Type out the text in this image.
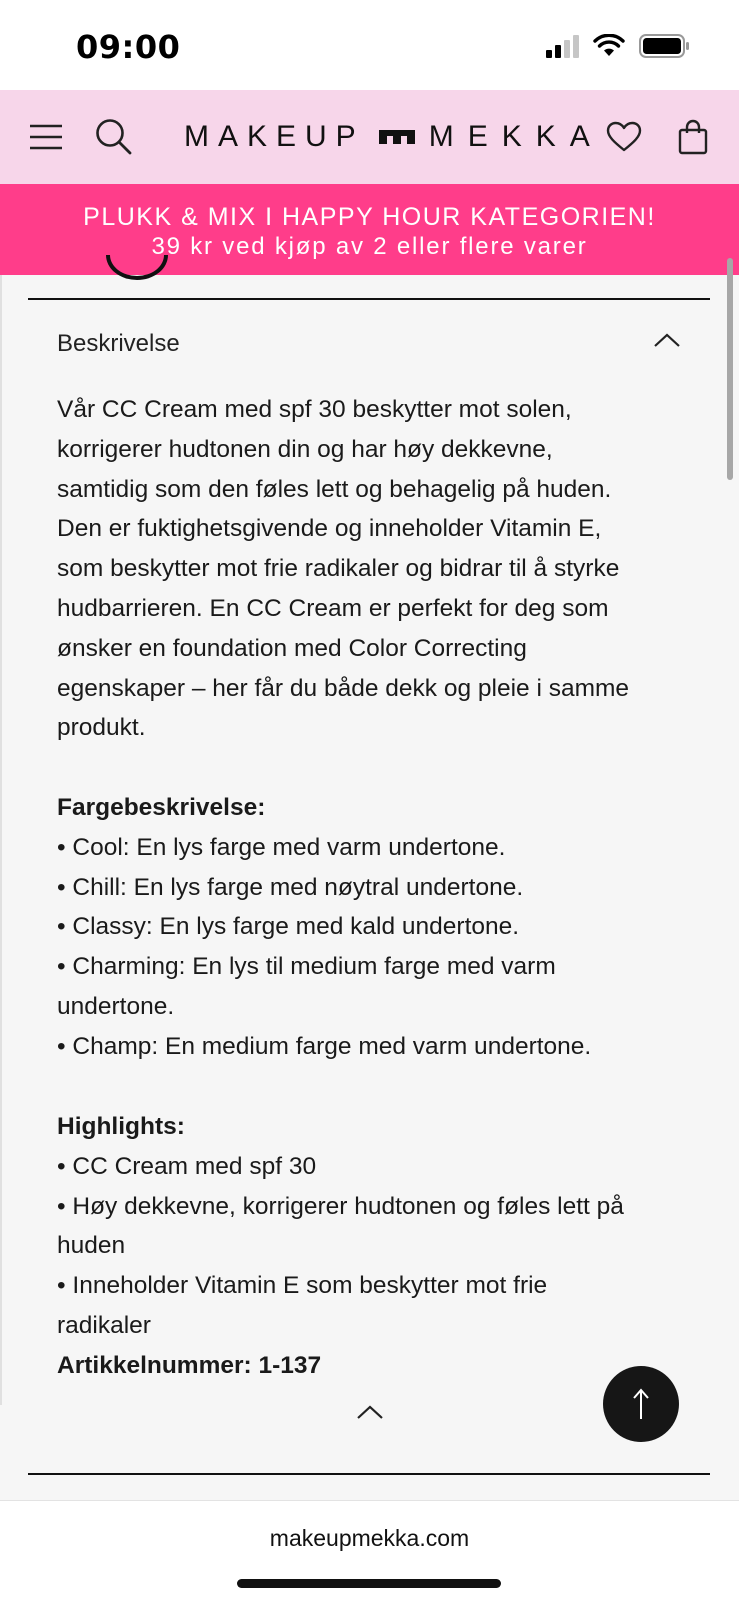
09:00
MAKEUP MEKKA
PLUKK & MIX I HAPPY HOUR KATEGORIEN!
39 kr ved kjøp av 2 eller flere varer
Beskrivelse

Vår CC Cream med spf 30 beskytter mot solen,

korrigerer hudtonen din og har høy dekkevne,

samtidig som den føles lett og behagelig på huden.

Den er fuktighetsgivende og inneholder Vitamin E,

som beskytter mot frie radikaler og bidrar til å styrke

hudbarrieren. En CC Cream er perfekt for deg som

ønsker en foundation med Color Correcting

egenskaper – her får du både dekk og pleie i samme

produkt.

Fargebeskrivelse:
• Cool: En lys farge med varm undertone.
• Chill: En lys farge med nøytral undertone.
• Classy: En lys farge med kald undertone.
• Charming: En lys til medium farge med varm
undertone.
• Champ: En medium farge med varm undertone.
Highlights:
• CC Cream med spf 30
• Høy dekkevne, korrigerer hudtonen og føles lett på
huden
• Inneholder Vitamin E som beskytter mot frie
radikaler
Artikkelnummer: 1-137
makeupmekka.com
